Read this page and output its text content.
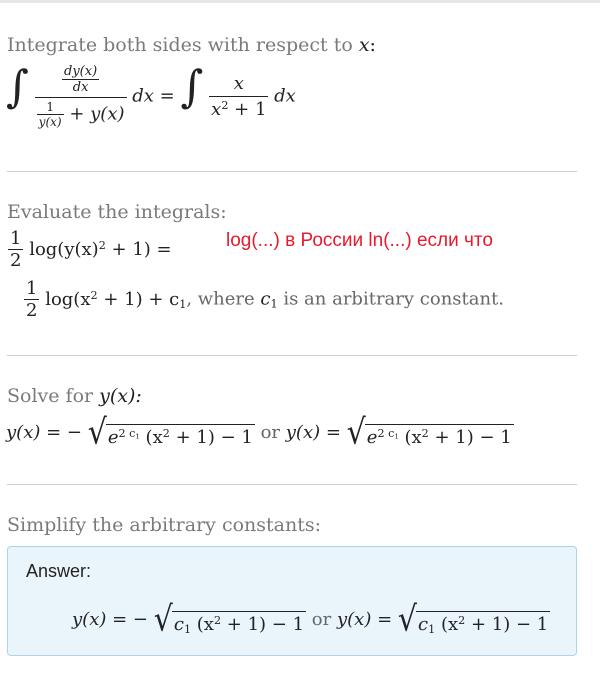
Integrate both sides with respect to x:
∫ $\frac{\frac{dy(x)}{dx}}{\frac{1}{y(x)} + y(x)}$ dx = ∫ $\frac{x}{x^2 + 1}$ dx
Evaluate the integrals:
$\frac{1}{2} \log(y(x)^2 + 1)$ =	log(...) в России ln(...) если что
$\frac{1}{2} \log(x^2 + 1) + c_1$, where $c_1$ is an arbitrary constant.
Solve for y(x):
y(x) = − √ $e^{2 c_1}$ $(x^2 + 1) - 1$ or y(x) = √ $e^{2 c_1}$ $(x^2 + 1) - 1$
Simplify the arbitrary constants:
Answer:
y(x) = − √ $c_1$ $(x^2 + 1) - 1$ or y(x) = √ $c_1$ $(x^2 + 1) - 1$
